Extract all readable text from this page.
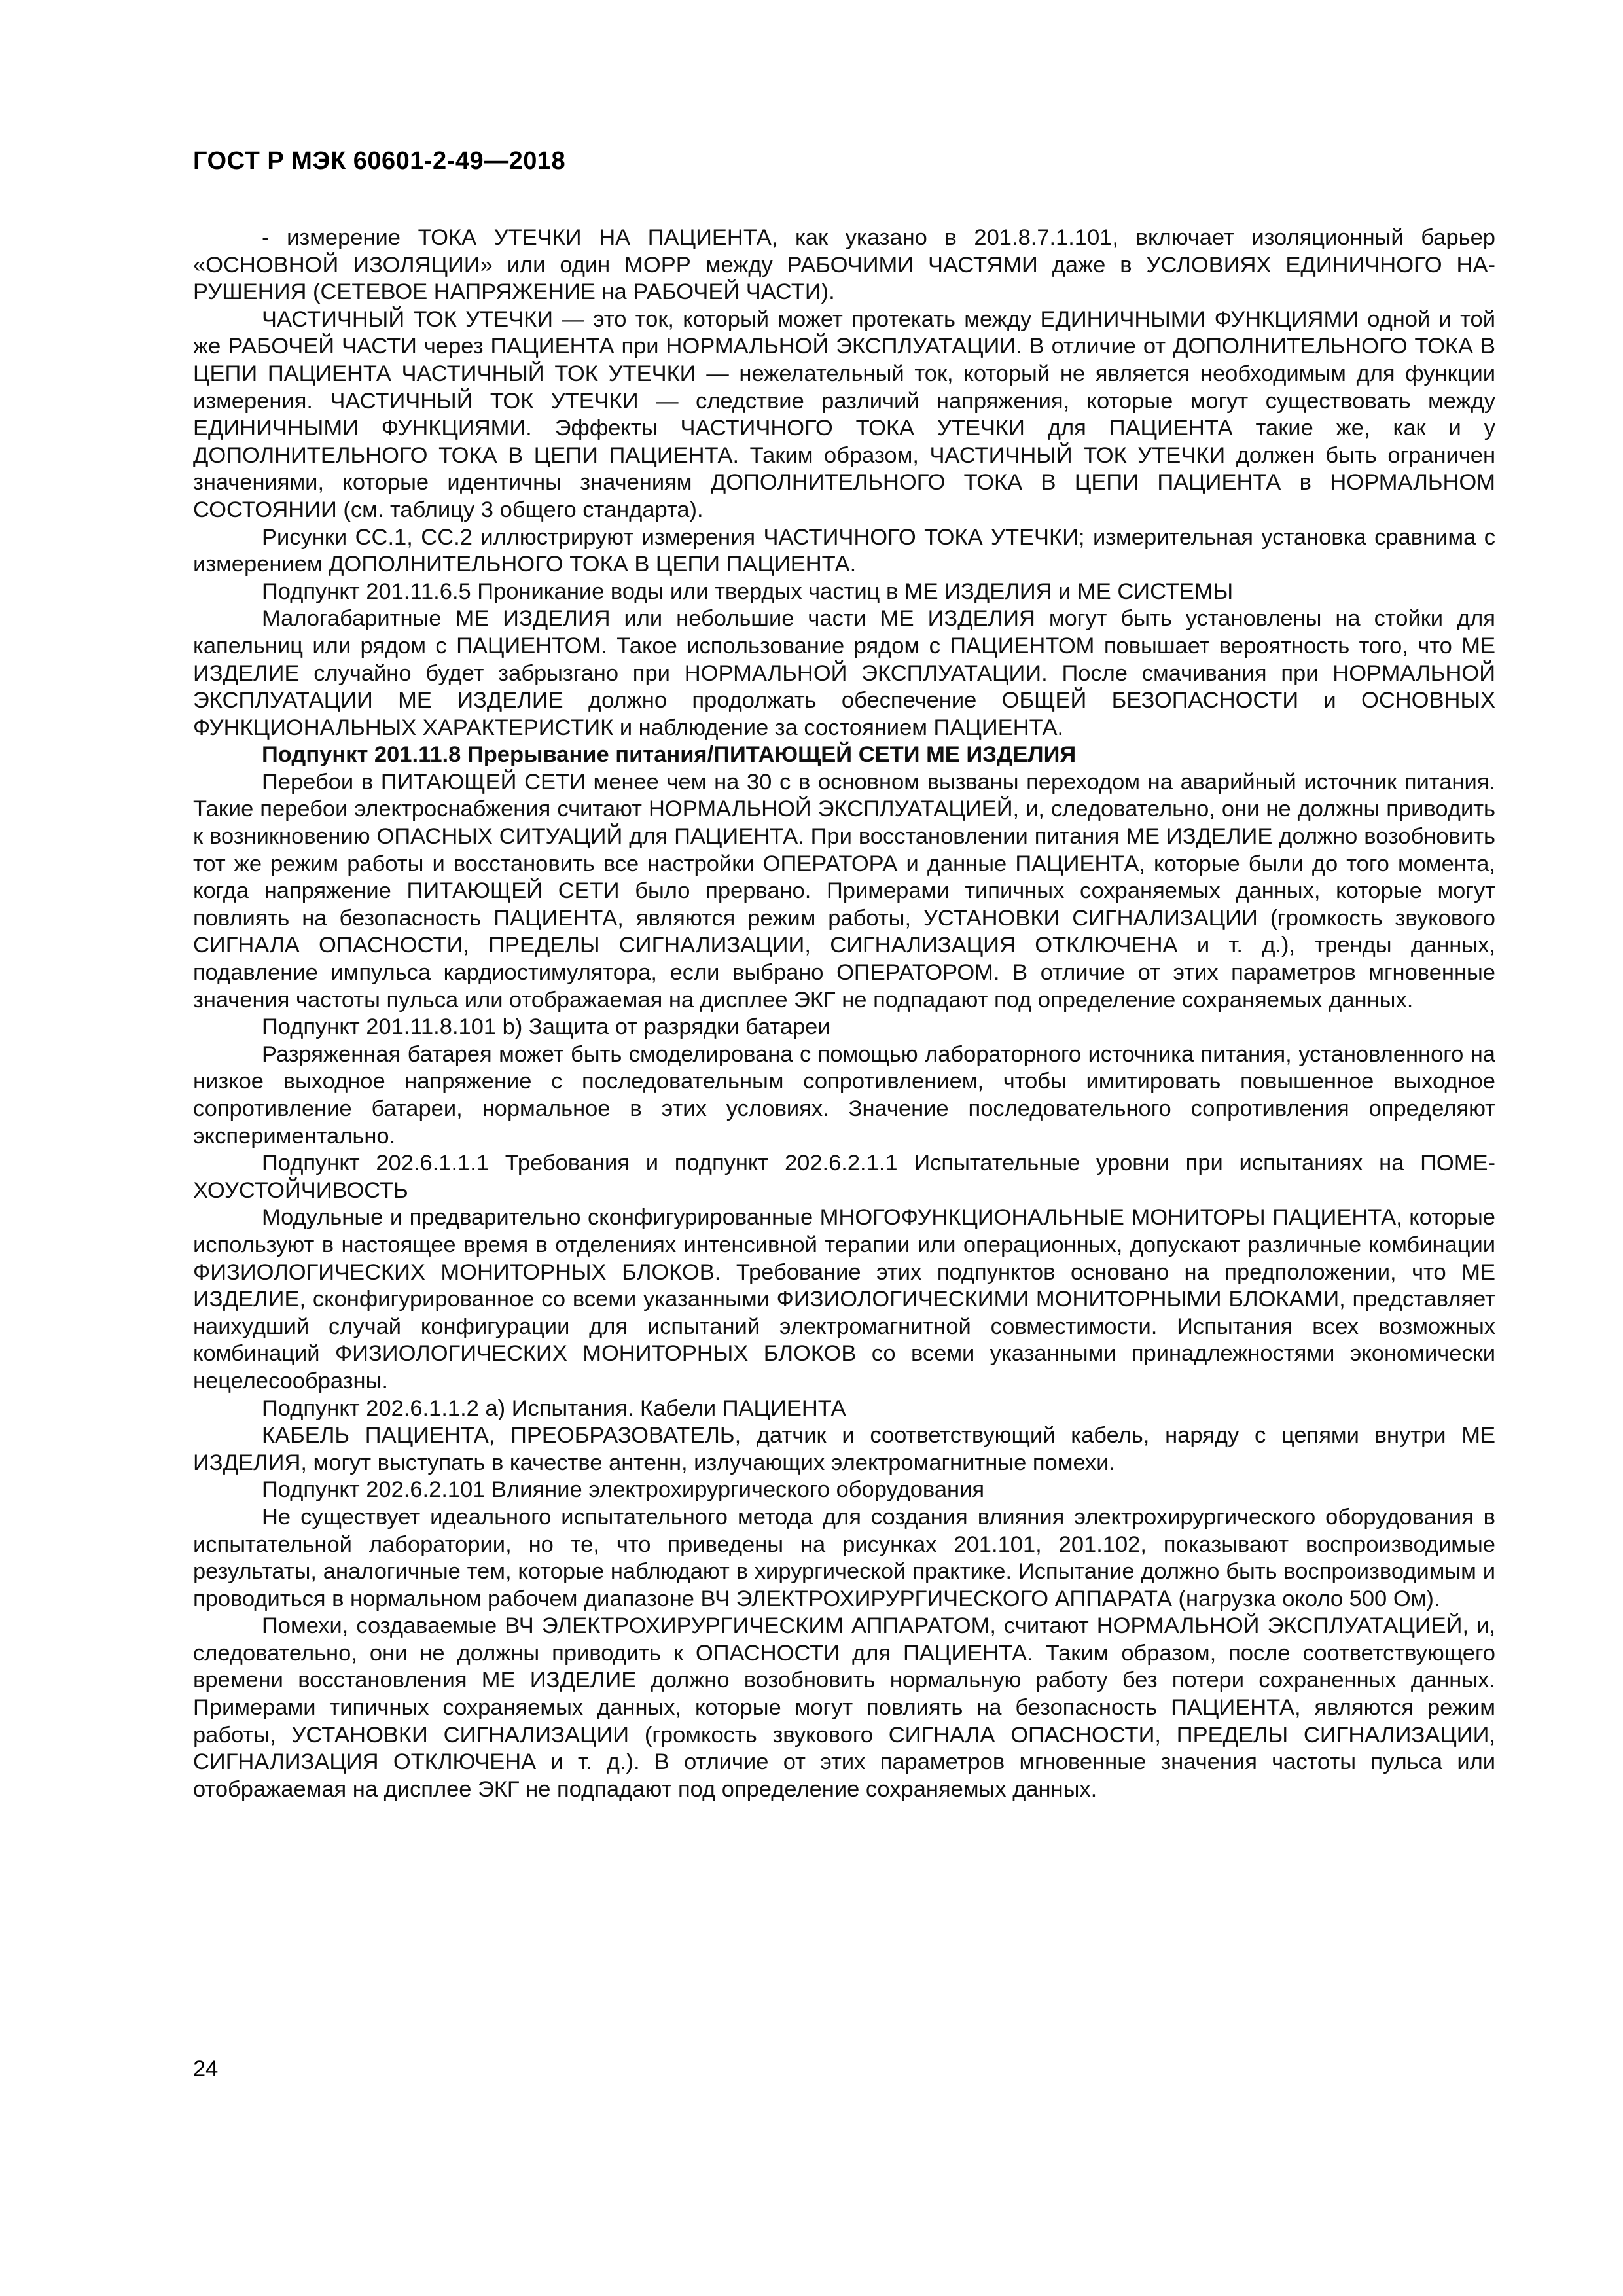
ГОСТ Р МЭК 60601-2-49—2018

- измерение ТОКА УТЕЧКИ НА ПАЦИЕНТА, как указано в 201.8.7.1.101, включает изоляционный барьер «ОСНОВНОЙ ИЗОЛЯЦИИ» или один МОРР между РАБОЧИМИ ЧАСТЯМИ даже в УСЛОВИЯХ ЕДИНИЧНОГО НАРУШЕНИЯ (СЕТЕВОЕ НАПРЯЖЕНИЕ на РАБОЧЕЙ ЧАСТИ).

ЧАСТИЧНЫЙ ТОК УТЕЧКИ — это ток, который может протекать между ЕДИНИЧНЫМИ ФУНКЦИЯМИ одной и той же РАБОЧЕЙ ЧАСТИ через ПАЦИЕНТА при НОРМАЛЬНОЙ ЭКСПЛУАТАЦИИ. В отличие от ДОПОЛНИТЕЛЬНОГО ТОКА В ЦЕПИ ПАЦИЕНТА ЧАСТИЧНЫЙ ТОК УТЕЧКИ — нежелательный ток, который не является необходимым для функции измерения. ЧАСТИЧНЫЙ ТОК УТЕЧКИ — следствие различий напряжения, которые могут существовать между ЕДИНИЧНЫМИ ФУНКЦИЯМИ. Эффекты ЧАСТИЧНОГО ТОКА УТЕЧКИ для ПАЦИЕНТА такие же, как и у ДОПОЛНИТЕЛЬНОГО ТОКА В ЦЕПИ ПАЦИЕНТА. Таким образом, ЧАСТИЧНЫЙ ТОК УТЕЧКИ должен быть ограничен значениями, которые идентичны значениям ДОПОЛНИТЕЛЬНОГО ТОКА В ЦЕПИ ПАЦИЕНТА в НОРМАЛЬНОМ СОСТОЯНИИ (см. таблицу 3 общего стандарта).

Рисунки СС.1, СС.2 иллюстрируют измерения ЧАСТИЧНОГО ТОКА УТЕЧКИ; измерительная установка сравнима с измерением ДОПОЛНИТЕЛЬНОГО ТОКА В ЦЕПИ ПАЦИЕНТА.

Подпункт 201.11.6.5 Проникание воды или твердых частиц в МЕ ИЗДЕЛИЯ и МЕ СИСТЕМЫ

Малогабаритные МЕ ИЗДЕЛИЯ или небольшие части МЕ ИЗДЕЛИЯ могут быть установлены на стойки для капельниц или рядом с ПАЦИЕНТОМ. Такое использование рядом с ПАЦИЕНТОМ повышает вероятность того, что МЕ ИЗДЕЛИЕ случайно будет забрызгано при НОРМАЛЬНОЙ ЭКСПЛУАТАЦИИ. После смачивания при НОРМАЛЬНОЙ ЭКСПЛУАТАЦИИ МЕ ИЗДЕЛИЕ должно продолжать обеспечение ОБЩЕЙ БЕЗОПАСНОСТИ и ОСНОВНЫХ ФУНКЦИОНАЛЬНЫХ ХАРАКТЕРИСТИК и наблюдение за состоянием ПАЦИЕНТА.

Подпункт 201.11.8 Прерывание питания/ПИТАЮЩЕЙ СЕТИ МЕ ИЗДЕЛИЯ

Перебои в ПИТАЮЩЕЙ СЕТИ менее чем на 30 с в основном вызваны переходом на аварийный источник питания. Такие перебои электроснабжения считают НОРМАЛЬНОЙ ЭКСПЛУАТАЦИЕЙ, и, следовательно, они не должны приводить к возникновению ОПАСНЫХ СИТУАЦИЙ для ПАЦИЕНТА. При восстановлении питания МЕ ИЗДЕЛИЕ должно возобновить тот же режим работы и восстановить все настройки ОПЕРАТОРА и данные ПАЦИЕНТА, которые были до того момента, когда напряжение ПИТАЮЩЕЙ СЕТИ было прервано. Примерами типичных сохраняемых данных, которые могут повлиять на безопасность ПАЦИЕНТА, являются режим работы, УСТАНОВКИ СИГНАЛИЗАЦИИ (громкость звукового СИГНАЛА ОПАСНОСТИ, ПРЕДЕЛЫ СИГНАЛИЗАЦИИ, СИГНАЛИЗАЦИЯ ОТКЛЮЧЕНА и т. д.), тренды данных, подавление импульса кардиостимулятора, если выбрано ОПЕРАТОРОМ. В отличие от этих параметров мгновенные значения частоты пульса или отображаемая на дисплее ЭКГ не подпадают под определение сохраняемых данных.

Подпункт 201.11.8.101 b) Защита от разрядки батареи

Разряженная батарея может быть смоделирована с помощью лабораторного источника питания, установленного на низкое выходное напряжение с последовательным сопротивлением, чтобы имитировать повышенное выходное сопротивление батареи, нормальное в этих условиях. Значение последовательного сопротивления определяют экспериментально.

Подпункт 202.6.1.1.1 Требования и подпункт 202.6.2.1.1 Испытательные уровни при испытаниях на ПОМЕХОУСТОЙЧИВОСТЬ

Модульные и предварительно сконфигурированные МНОГОФУНКЦИОНАЛЬНЫЕ МОНИТОРЫ ПАЦИЕНТА, которые используют в настоящее время в отделениях интенсивной терапии или операционных, допускают различные комбинации ФИЗИОЛОГИЧЕСКИХ МОНИТОРНЫХ БЛОКОВ. Требование этих подпунктов основано на предположении, что МЕ ИЗДЕЛИЕ, сконфигурированное со всеми указанными ФИЗИОЛОГИЧЕСКИМИ МОНИТОРНЫМИ БЛОКАМИ, представляет наихудший случай конфигурации для испытаний электромагнитной совместимости. Испытания всех возможных комбинаций ФИЗИОЛОГИЧЕСКИХ МОНИТОРНЫХ БЛОКОВ со всеми указанными принадлежностями экономически нецелесообразны.

Подпункт 202.6.1.1.2 а) Испытания. Кабели ПАЦИЕНТА

КАБЕЛЬ ПАЦИЕНТА, ПРЕОБРАЗОВАТЕЛЬ, датчик и соответствующий кабель, наряду с цепями внутри МЕ ИЗДЕЛИЯ, могут выступать в качестве антенн, излучающих электромагнитные помехи.

Подпункт 202.6.2.101 Влияние электрохирургического оборудования

Не существует идеального испытательного метода для создания влияния электрохирургического оборудования в испытательной лаборатории, но те, что приведены на рисунках 201.101, 201.102, показывают воспроизводимые результаты, аналогичные тем, которые наблюдают в хирургической практике. Испытание должно быть воспроизводимым и проводиться в нормальном рабочем диапазоне ВЧ ЭЛЕКТРОХИРУРГИЧЕСКОГО АППАРАТА (нагрузка около 500 Ом).

Помехи, создаваемые ВЧ ЭЛЕКТРОХИРУРГИЧЕСКИМ АППАРАТОМ, считают НОРМАЛЬНОЙ ЭКСПЛУАТАЦИЕЙ, и, следовательно, они не должны приводить к ОПАСНОСТИ для ПАЦИЕНТА. Таким образом, после соответствующего времени восстановления МЕ ИЗДЕЛИЕ должно возобновить нормальную работу без потери сохраненных данных. Примерами типичных сохраняемых данных, которые могут повлиять на безопасность ПАЦИЕНТА, являются режим работы, УСТАНОВКИ СИГНАЛИЗАЦИИ (громкость звукового СИГНАЛА ОПАСНОСТИ, ПРЕДЕЛЫ СИГНАЛИЗАЦИИ, СИГНАЛИЗАЦИЯ ОТКЛЮЧЕНА и т. д.). В отличие от этих параметров мгновенные значения частоты пульса или отображаемая на дисплее ЭКГ не подпадают под определение сохраняемых данных.

24
